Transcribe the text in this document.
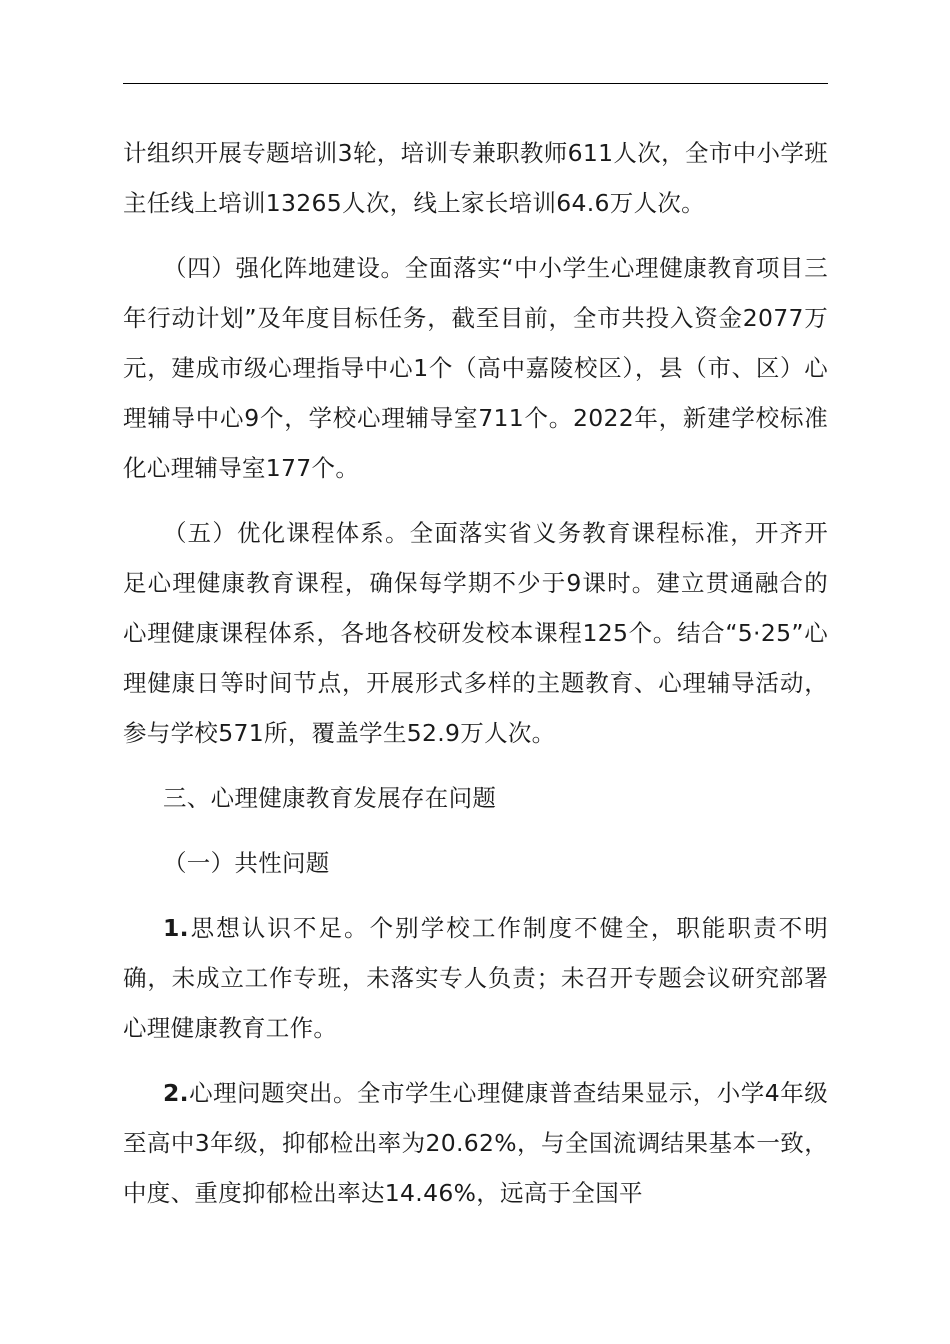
计组织开展专题培训3轮，培训专兼职教师611人次，全市中小学班主任线上培训13265人次，线上家长培训64.6万人次。

（四）强化阵地建设。全面落实“中小学生心理健康教育项目三年行动计划”及年度目标任务，截至目前，全市共投入资金2077万元，建成市级心理指导中心1个（高中嘉陵校区），县（市、区）心理辅导中心9个，学校心理辅导室711个。2022年，新建学校标准化心理辅导室177个。

（五）优化课程体系。全面落实省义务教育课程标准，开齐开足心理健康教育课程，确保每学期不少于9课时。建立贯通融合的心理健康课程体系，各地各校研发校本课程125个。结合“5·25”心理健康日等时间节点，开展形式多样的主题教育、心理辅导活动，参与学校571所，覆盖学生52.9万人次。

三、心理健康教育发展存在问题

（一）共性问题

1.思想认识不足。个别学校工作制度不健全，职能职责不明确，未成立工作专班，未落实专人负责；未召开专题会议研究部署心理健康教育工作。

2.心理问题突出。全市学生心理健康普查结果显示，小学4年级至高中3年级，抑郁检出率为20.62%，与全国流调结果基本一致，中度、重度抑郁检出率达14.46%，远高于全国平
